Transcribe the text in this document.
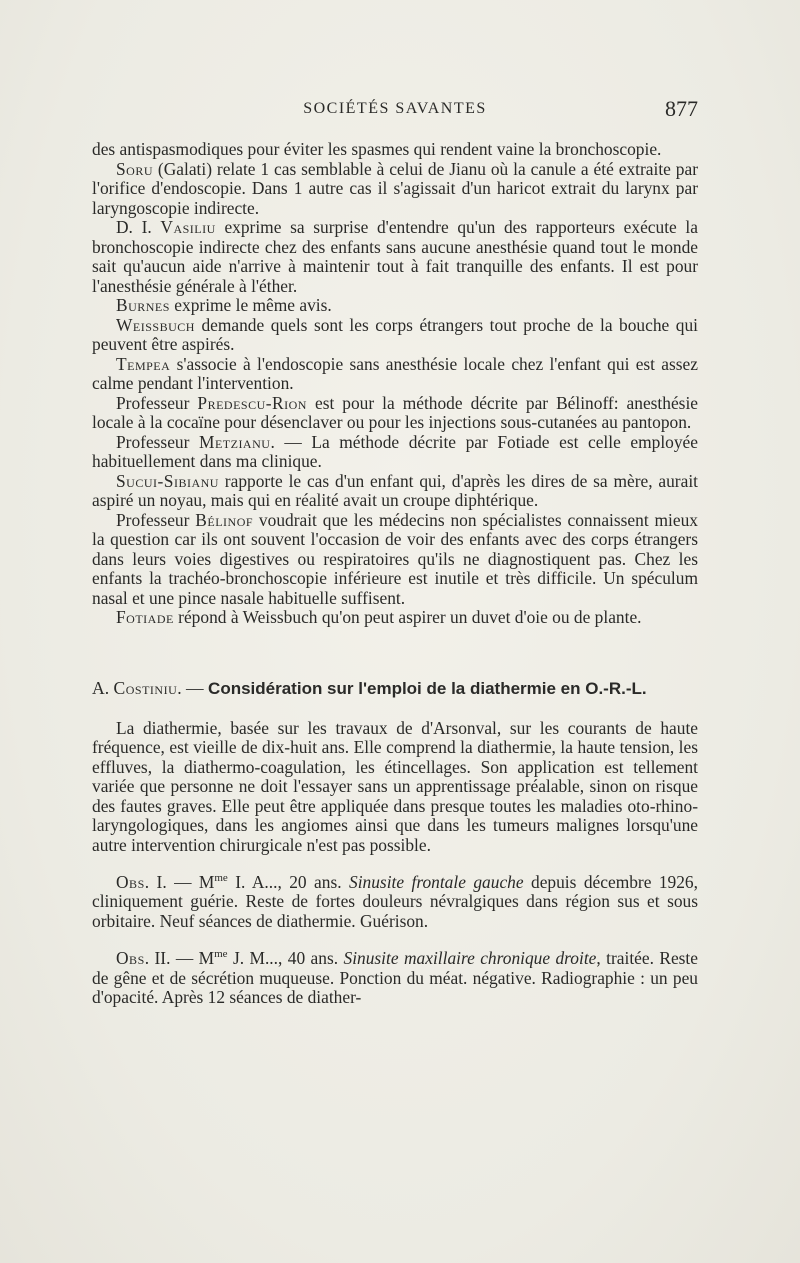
SOCIÉTÉS SAVANTES	877

des antispasmodiques pour éviter les spasmes qui rendent vaine la bronchoscopie.

Soru (Galati) relate 1 cas semblable à celui de Jianu où la canule a été extraite par l'orifice d'endoscopie. Dans 1 autre cas il s'agissait d'un haricot extrait du larynx par laryngoscopie indirecte.

D. I. Vasiliu exprime sa surprise d'entendre qu'un des rapporteurs exécute la bronchoscopie indirecte chez des enfants sans aucune anesthésie quand tout le monde sait qu'aucun aide n'arrive à maintenir tout à fait tranquille des enfants. Il est pour l'anesthésie générale à l'éther.

Burnes exprime le même avis.

Weissbuch demande quels sont les corps étrangers tout proche de la bouche qui peuvent être aspirés.

Tempea s'associe à l'endoscopie sans anesthésie locale chez l'enfant qui est assez calme pendant l'intervention.

Professeur Predescu-Rion est pour la méthode décrite par Bélinoff: anesthésie locale à la cocaïne pour désenclaver ou pour les injections sous-cutanées au pantopon.

Professeur Metzianu. — La méthode décrite par Fotiade est celle employée habituellement dans ma clinique.

Sucui-Sibianu rapporte le cas d'un enfant qui, d'après les dires de sa mère, aurait aspiré un noyau, mais qui en réalité avait un croupe diphtérique.

Professeur Bélinof voudrait que les médecins non spécialistes connaissent mieux la question car ils ont souvent l'occasion de voir des enfants avec des corps étrangers dans leurs voies digestives ou respiratoires qu'ils ne diagnostiquent pas. Chez les enfants la trachéo-bronchoscopie inférieure est inutile et très difficile. Un spéculum nasal et une pince nasale habituelle suffisent.

Fotiade répond à Weissbuch qu'on peut aspirer un duvet d'oie ou de plante.

A. Costiniu. — Considération sur l'emploi de la diathermie en O.-R.-L.

La diathermie, basée sur les travaux de d'Arsonval, sur les courants de haute fréquence, est vieille de dix-huit ans. Elle comprend la diathermie, la haute tension, les effluves, la diathermo-coagulation, les étincellages. Son application est tellement variée que personne ne doit l'essayer sans un apprentissage préalable, sinon on risque des fautes graves. Elle peut être appliquée dans presque toutes les maladies oto-rhino-laryngologiques, dans les angiomes ainsi que dans les tumeurs malignes lorsqu'une autre intervention chirurgicale n'est pas possible.

Obs. I. — $M^{me}$ I. A..., 20 ans. Sinusite frontale gauche depuis décembre 1926, cliniquement guérie. Reste de fortes douleurs névralgiques dans région sus et sous orbitaire. Neuf séances de diathermie. Guérison.

Obs. II. — $M^{me}$ J. M..., 40 ans. Sinusite maxillaire chronique droite, traitée. Reste de gêne et de sécrétion muqueuse. Ponction du méat. négative. Radiographie : un peu d'opacité. Après 12 séances de diather-
